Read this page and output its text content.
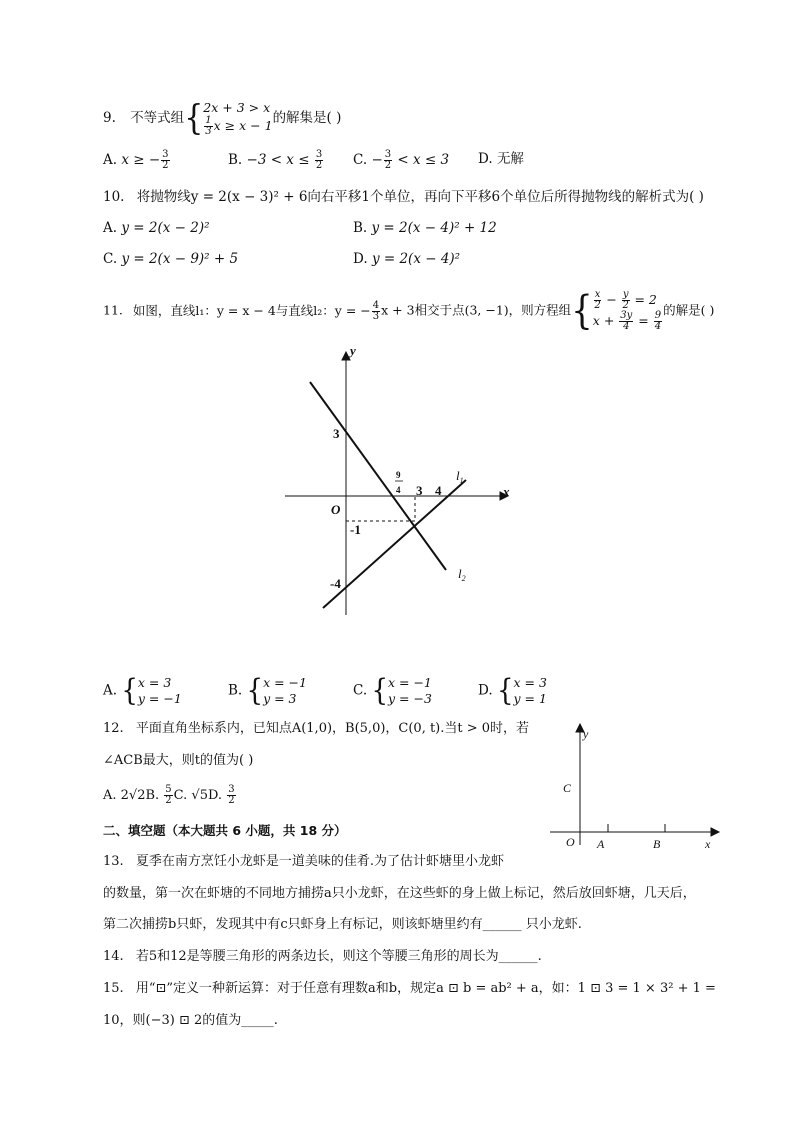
9. 不等式组{ 2x + 3 > x
$\frac{1}{3}$ x ≥ x − 1 的解集是( )
A. x ≥ − $\frac{3}{2}$	B. $-3 < x \le \frac{3}{2} C$. − $\frac{3}{2} < x \le 3$ D. 无解
10. 将抛物线y = 2(x − 3)² + 6向右平移1个单位，再向下平移6个单位后所得抛物线的解析式为( )
A. y = 2(x − 2)²	B. y = 2(x − 4)² + 12
C. y = 2(x − 9)² + 5	D. y = 2(x − 4)²
11. 如图，直线l₁：y = x − 4与直线l₂：y = − $\frac{4}{3}$ x + 3相交于点(3, −1)，则方程组{ $\frac{x}{2} - \frac{y}{2} = 2$
$x + \frac{3y}{4} = \frac{9}{4}$
的解是( )
y
x
O
3
-1
-4
9
4 3 4
$l_1$
$l_2$
A. { x = 3
y = −1	B. { x = −1
y = 3	C. { x = −1
y = −3	D. { x = 3
y = 1
12. 平面直角坐标系内，已知点A(1,0)，B(5,0)，C(0, t).当t > 0时，若
∠ACB最大，则t的值为( )
A. 2√2B. $\frac{5}{2} C$. √5D. $\frac{3}{2}$
y
x
O A	B
C
二、填空题（本大题共 6 小题，共 18 分）
13. 夏季在南方烹饪小龙虾是一道美味的佳肴.为了估计虾塘里小龙虾
的数量，第一次在虾塘的不同地方捕捞a只小龙虾，在这些虾的身上做上标记，然后放回虾塘，几天后，
第二次捕捞b只虾，发现其中有c只虾身上有标记，则该虾塘里约有______ 只小龙虾.
14. 若5和12是等腰三角形的两条边长，则这个等腰三角形的周长为______.
15. 用“⊡”定义一种新运算：对于任意有理数a和b，规定a ⊡ b = ab² + a，如：1 ⊡ 3 = 1 × 3² + 1 =
10，则(−3) ⊡ 2的值为_____.
